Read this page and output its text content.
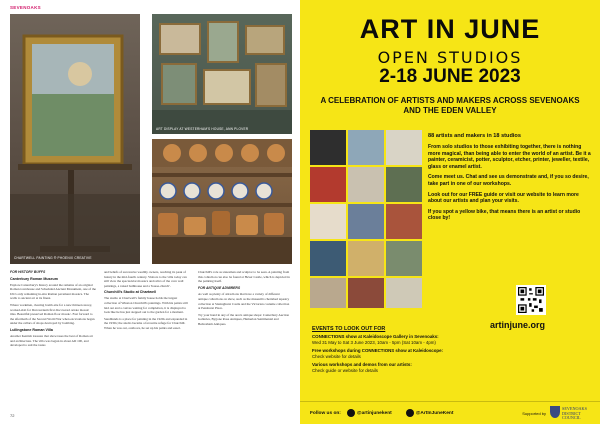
SEVENOAKS
CHARTWELL PAINTING ® PHOENIX CREATIVE
ART DISPLAY AT WESTERHAM'S HOUSE, ANN PLOVER
FOR HISTORY BUFFS
Canterbury Roman Museum

Explore Canterbury's history around the remains of an original Roman townhouse and Scheduled Ancient Monument, one of the UK's only remaining in-situ Roman pavement mosaics. The walls to ancient art at its finest.

Where workmen, clearing bomb-site for a new thirteen storey, worked-slab for Durovernum first discovered ornate mosaic tiles. Beautiful preserved Roman floor mosaic. Fast forward to the aftermath of the Second World War when excavations began under the cellars of shops destroyed by bombing.

Lullingstone Roman Villa

Another Kentish treasure that showcases the best of Roman art and architecture. The villa was begun in about AD 100, and developed to suit the tastes

and beliefs of successive wealthy owners, reaching its peak of luxury in the mid-fourth century. Visitors to the villa today can still view the spectacular mosaics and relics of the cave wall paintings, a raised bathhouse and a 'house-church'.

Churchill's Studio at Chartwell

The studio at Chartwell's family house holds the largest collection of Winston Churchill's paintings. With his paints still laid out and a canvas waiting for completion, it is displayed to look like he has just stepped out to the garden for a moment.

Sandilands is a place for painting in the 1920s and expanded in the 1930s; the studio became a favourite refuge for Churchill. When he was out, outdoors, he set up his paints and easel.

Churchill's role as statesman and sculptor to be seen. A painting from this collection can also be found at Hever Castle, which is depicted in the painting itself.

FOR ANTIQUE ADMIRERS

As well as plenty of attractions that have a variety of different antique collections on show, such as the museum's cherished tapestry collection at Sissinghurst Castle and the Victorian costume collection at Penshurst Place.

Try your hand in any of the area's antique shops: Canterbury Auction Galleries, Bygone Rose Antiques, Hemerian Sentimental and Bedresham Antiques.

72
ART IN JUNE
OPEN STUDIOS
2-18 JUNE 2023
A CELEBRATION OF ARTISTS AND MAKERS ACROSS SEVENOAKS AND THE EDEN VALLEY

88 artists and makers in 18 studios

From solo studios to those exhibiting together, there is nothing more magical, than being able to enter the world of an artist. Be it a painter, ceramicist, potter, sculptor, etcher, printer, jeweller, textile, glass or enamel artist.

Come meet us. Chat and see us demonstrate and, if you so desire, take part in one of our workshops.

Look out for our FREE guide or visit our website to learn more about our artists and plan your visits.

If you spot a yellow bike, that means there is an artist or studio close by!

artinjune.org
EVENTS TO LOOK OUT FOR
CONNECTIONS show at Kaleidoscope Gallery in Sevenoaks:
Wed 31 May to Sat 3 June 2023, 10am - 5pm (Sat 10am - 4pm)
Free workshops during CONNECTIONS show at Kaleidoscope:
Check website for details
Various workshops and demos from our artists:
Check guide or website for details
Follow us on:	@artinjunekent	@ArtInJuneKent	Supported by
SEVENOAKS
DISTRICT COUNCIL
